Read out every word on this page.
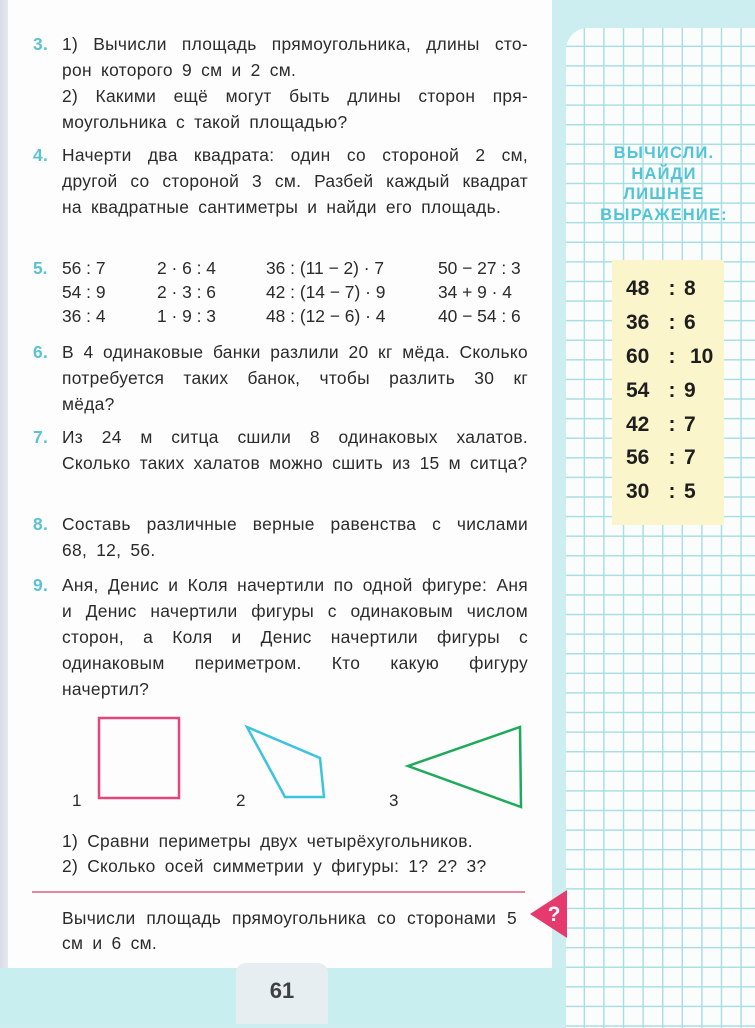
3. 1) Вычисли площадь прямоугольника, длины сто-
рон которого 9 см и 2 см.
2) Какими ещё могут быть длины сторон пря-
моугольника с такой площадью?
4. Начерти два квадрата: один со стороной 2 см, другой со стороной 3 см. Разбей каждый квадрат на квадратные сантиметры и найди его площадь.
5. 56 : 7
54 : 9
36 : 4
2 · 6 : 4
2 · 3 : 6
1 · 9 : 3
36 : (11 − 2) · 7
42 : (14 − 7) · 9
48 : (12 − 6) · 4
50 − 27 : 3
34 + 9 · 4
40 − 54 : 6
6. В 4 одинаковые банки разлили 20 кг мёда. Сколько потребуется таких банок, чтобы разлить 30 кг мёда?
7. Из 24 м ситца сшили 8 одинаковых халатов. Сколько таких халатов можно сшить из 15 м ситца?
8. Составь различные верные равенства с числами 68, 12, 56.
9. Аня, Денис и Коля начертили по одной фигуре: Аня и Денис начертили фигуры с одинаковым числом сторон, а Коля и Денис начертили фигуры с одинаковым периметром. Кто какую фигуру начертил?
1	2	3
1) Сравни периметры двух четырёхугольников.
2) Сколько осей симметрии у фигуры: 1? 2? 3?
Вычисли площадь прямоугольника со сторонами 5 см и 6 см.
?
61
ВЫЧИСЛИ.
НАЙДИ
ЛИШНЕЕ
ВЫРАЖЕНИЕ:
48 : 8
36 : 6
60 : 10
54 : 9
42 : 7
56 : 7
30 : 5
